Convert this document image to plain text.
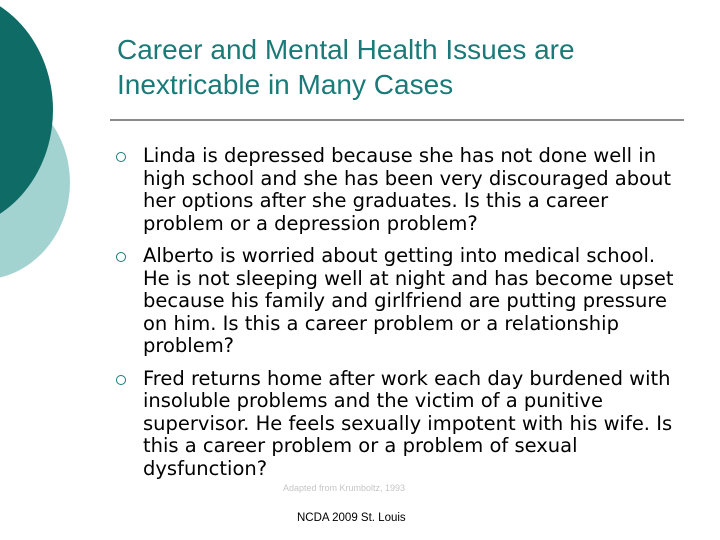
Career and Mental Health Issues are
Inextricable in Many Cases
Linda is depressed because she has not done well in high school and she has been very discouraged about her options after she graduates. Is this a career problem or a depression problem?
Alberto is worried about getting into medical school. He is not sleeping well at night and has become upset because his family and girlfriend are putting pressure on him. Is this a career problem or a relationship problem?
Fred returns home after work each day burdened with insoluble problems and the victim of a punitive supervisor. He feels sexually impotent with his wife. Is this a career problem or a problem of sexual dysfunction?
Adapted from Krumboltz, 1993
NCDA 2009 St. Louis
